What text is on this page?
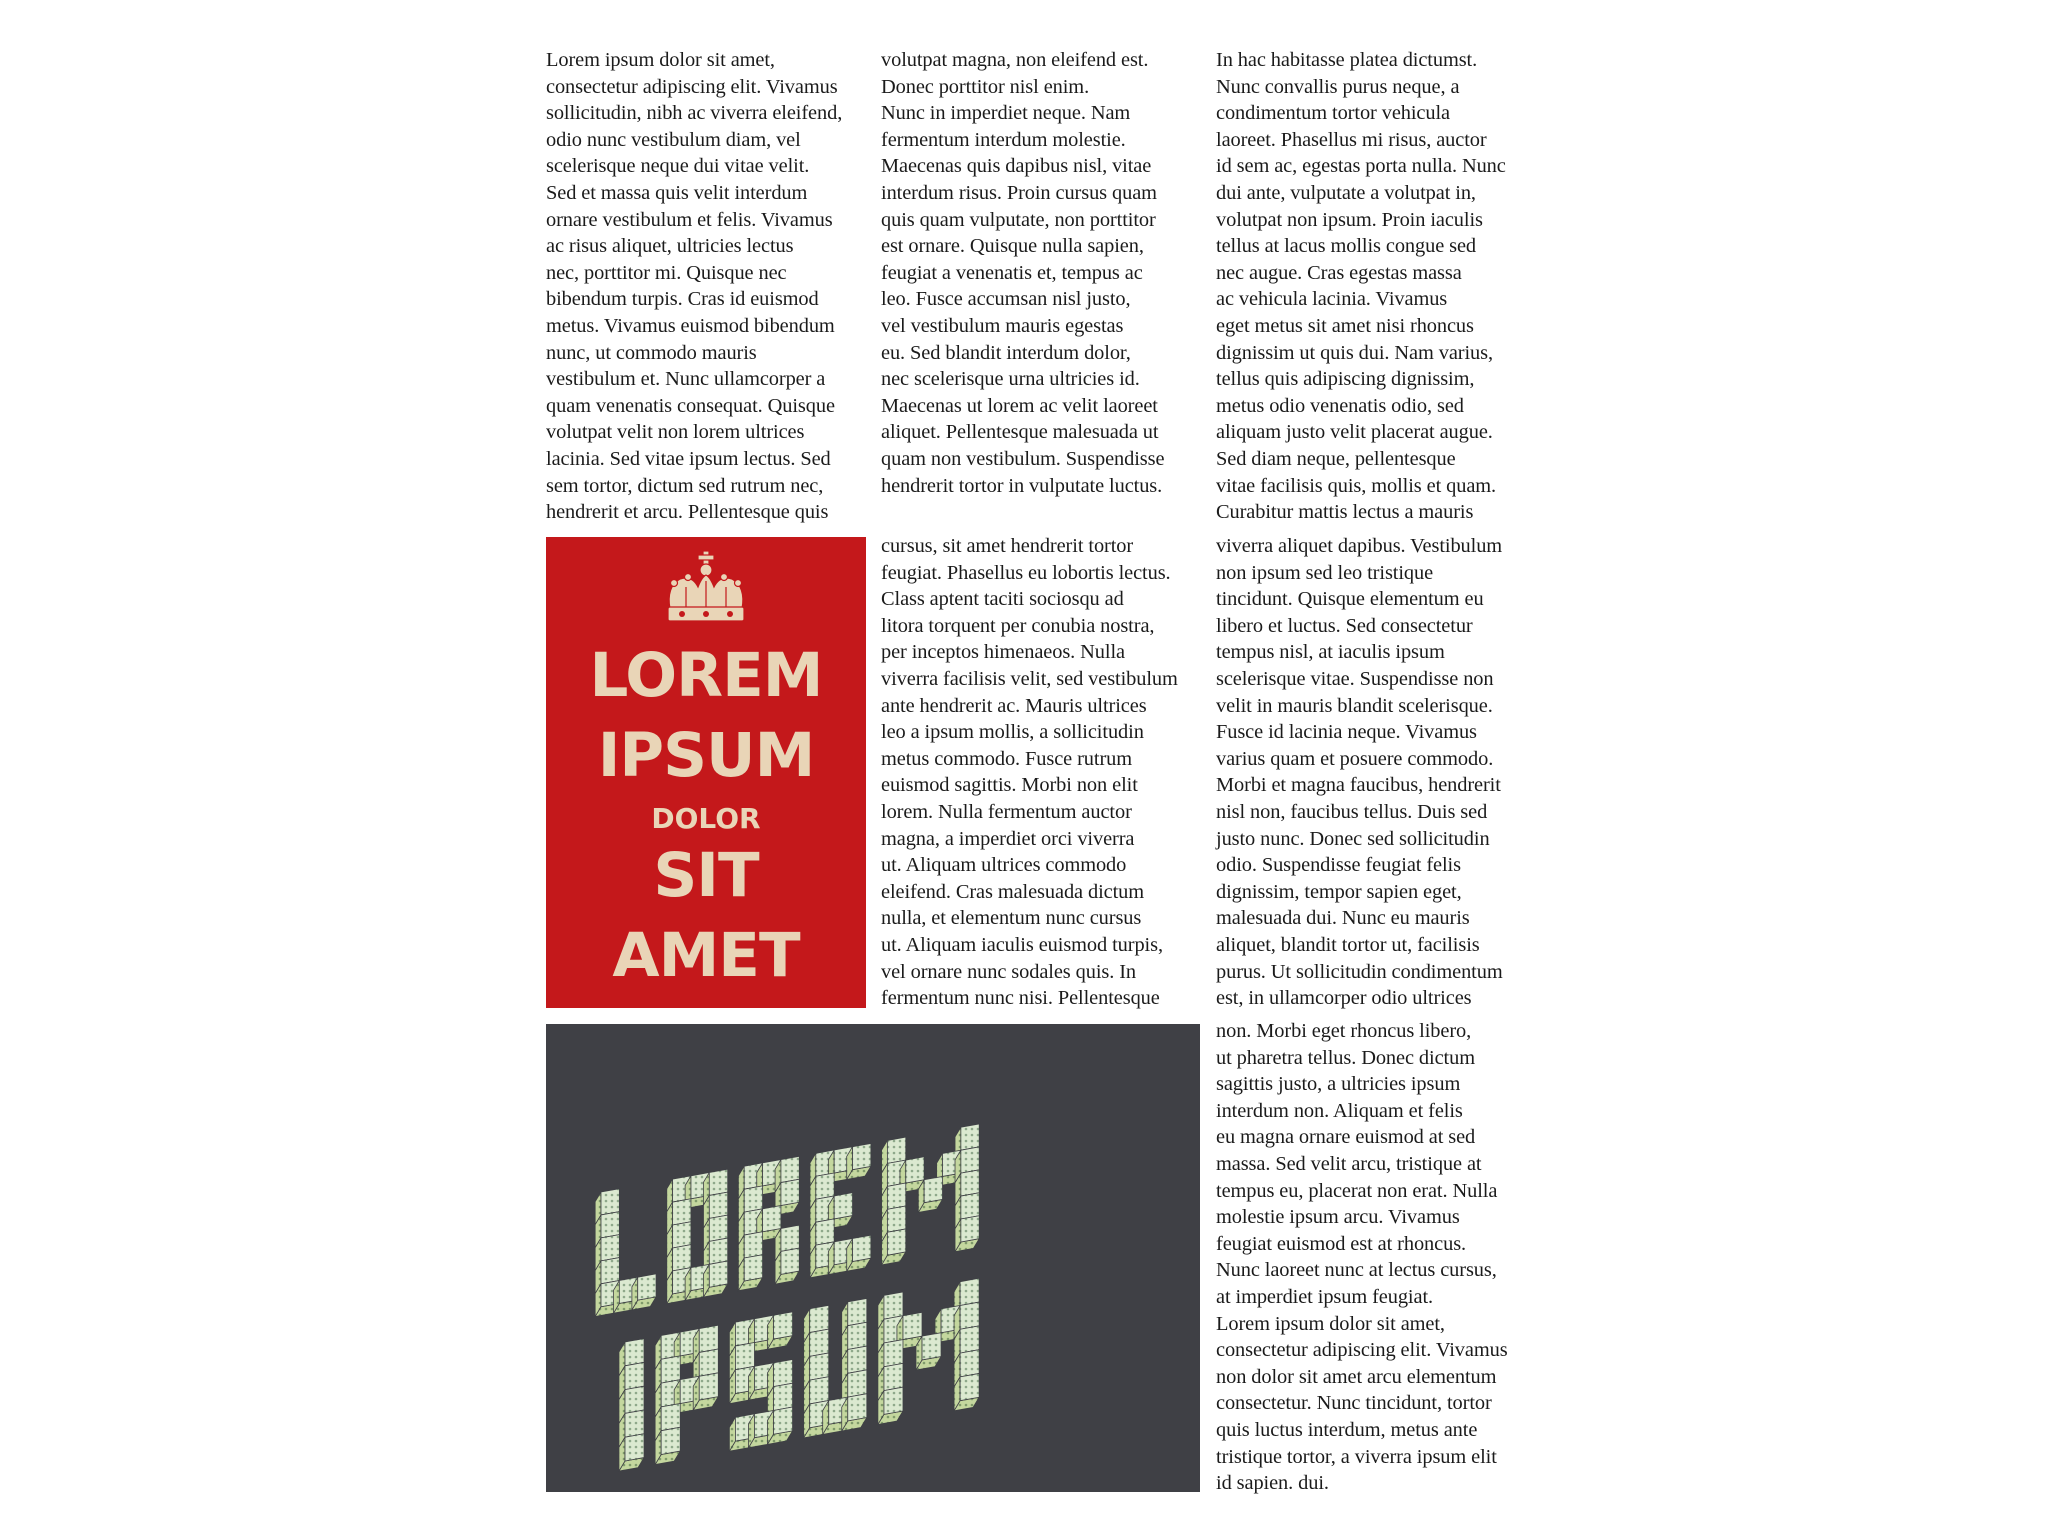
Lorem ipsum dolor sit amet,
consectetur adipiscing elit. Vivamus
sollicitudin, nibh ac viverra eleifend,
odio nunc vestibulum diam, vel
scelerisque neque dui vitae velit.
Sed et massa quis velit interdum
ornare vestibulum et felis. Vivamus
ac risus aliquet, ultricies lectus
nec, porttitor mi. Quisque nec
bibendum turpis. Cras id euismod
metus. Vivamus euismod bibendum
nunc, ut commodo mauris
vestibulum et. Nunc ullamcorper a
quam venenatis consequat. Quisque
volutpat velit non lorem ultrices
lacinia. Sed vitae ipsum lectus. Sed
sem tortor, dictum sed rutrum nec,
hendrerit et arcu. Pellentesque quis

volutpat magna, non eleifend est.
Donec porttitor nisl enim.
Nunc in imperdiet neque. Nam
fermentum interdum molestie.
Maecenas quis dapibus nisl, vitae
interdum risus. Proin cursus quam
quis quam vulputate, non porttitor
est ornare. Quisque nulla sapien,
feugiat a venenatis et, tempus ac
leo. Fusce accumsan nisl justo,
vel vestibulum mauris egestas
eu. Sed blandit interdum dolor,
nec scelerisque urna ultricies id.
Maecenas ut lorem ac velit laoreet
aliquet. Pellentesque malesuada ut
quam non vestibulum. Suspendisse
hendrerit tortor in vulputate luctus.

In hac habitasse platea dictumst.
Nunc convallis purus neque, a
condimentum tortor vehicula
laoreet. Phasellus mi risus, auctor
id sem ac, egestas porta nulla. Nunc
dui ante, vulputate a volutpat in,
volutpat non ipsum. Proin iaculis
tellus at lacus mollis congue sed
nec augue. Cras egestas massa
ac vehicula lacinia. Vivamus
eget metus sit amet nisi rhoncus
dignissim ut quis dui. Nam varius,
tellus quis adipiscing dignissim,
metus odio venenatis odio, sed
aliquam justo velit placerat augue.
Sed diam neque, pellentesque
vitae facilisis quis, mollis et quam.
Curabitur mattis lectus a mauris

LOREM

IPSUM

DOLOR

SIT

AMET

cursus, sit amet hendrerit tortor
feugiat. Phasellus eu lobortis lectus.
Class aptent taciti sociosqu ad
litora torquent per conubia nostra,
per inceptos himenaeos. Nulla
viverra facilisis velit, sed vestibulum
ante hendrerit ac. Mauris ultrices
leo a ipsum mollis, a sollicitudin
metus commodo. Fusce rutrum
euismod sagittis. Morbi non elit
lorem. Nulla fermentum auctor
magna, a imperdiet orci viverra
ut. Aliquam ultrices commodo
eleifend. Cras malesuada dictum
nulla, et elementum nunc cursus
ut. Aliquam iaculis euismod turpis,
vel ornare nunc sodales quis. In
fermentum nunc nisi. Pellentesque

viverra aliquet dapibus. Vestibulum
non ipsum sed leo tristique
tincidunt. Quisque elementum eu
libero et luctus. Sed consectetur
tempus nisl, at iaculis ipsum
scelerisque vitae. Suspendisse non
velit in mauris blandit scelerisque.
Fusce id lacinia neque. Vivamus
varius quam et posuere commodo.
Morbi et magna faucibus, hendrerit
nisl non, faucibus tellus. Duis sed
justo nunc. Donec sed sollicitudin
odio. Suspendisse feugiat felis
dignissim, tempor sapien eget,
malesuada dui. Nunc eu mauris
aliquet, blandit tortor ut, facilisis
purus. Ut sollicitudin condimentum
est, in ullamcorper odio ultrices

non. Morbi eget rhoncus libero,
ut pharetra tellus. Donec dictum
sagittis justo, a ultricies ipsum
interdum non. Aliquam et felis
eu magna ornare euismod at sed
massa. Sed velit arcu, tristique at
tempus eu, placerat non erat. Nulla
molestie ipsum arcu. Vivamus
feugiat euismod est at rhoncus.
Nunc laoreet nunc at lectus cursus,
at imperdiet ipsum feugiat.
Lorem ipsum dolor sit amet,
consectetur adipiscing elit. Vivamus
non dolor sit amet arcu elementum
consectetur. Nunc tincidunt, tortor
quis luctus interdum, metus ante
tristique tortor, a viverra ipsum elit
id sapien. dui.
